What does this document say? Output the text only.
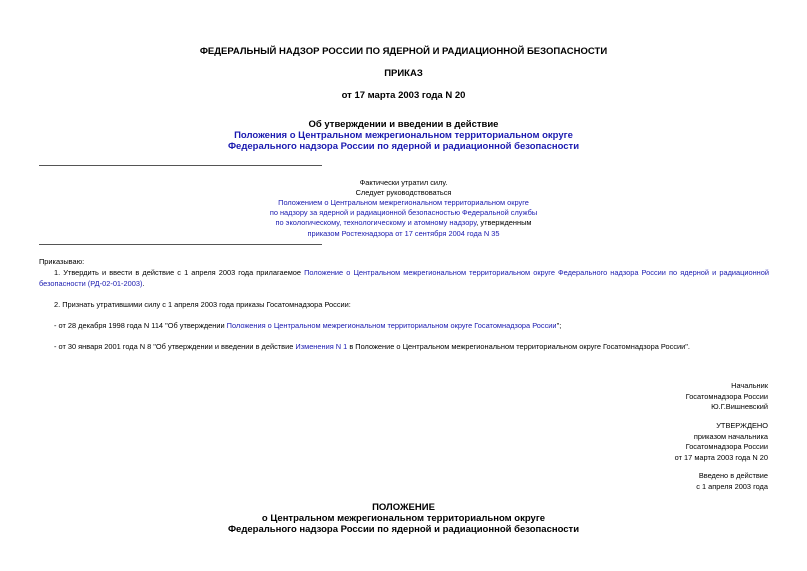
ФЕДЕРАЛЬНЫЙ НАДЗОР РОССИИ ПО ЯДЕРНОЙ И РАДИАЦИОННОЙ БЕЗОПАСНОСТИ
ПРИКАЗ
от 17 марта 2003 года N 20
Об утверждении и введении в действие
Положения о Центральном межрегиональном территориальном округе
Федерального надзора России по ядерной и радиационной безопасности
Фактически утратил силу.
Следует руководствоваться
Положением о Центральном межрегиональном территориальном округе
по надзору за ядерной и радиационной безопасностью Федеральной службы
по экологическому, технологическому и атомному надзору, утвержденным
приказом Ростехнадзора от 17 сентября 2004 года N 35
Приказываю:
1. Утвердить и ввести в действие с 1 апреля 2003 года прилагаемое Положение о Центральном межрегиональном территориальном округе Федерального надзора России по ядерной и радиационной безопасности (РД-02-01-2003).
2. Признать утратившими силу с 1 апреля 2003 года приказы Госатомнадзора России:
- от 28 декабря 1998 года N 114 "Об утверждении Положения о Центральном межрегиональном территориальном округе Госатомнадзора России";
- от 30 января 2001 года N 8 "Об утверждении и введении в действие Изменения N 1 в Положение о Центральном межрегиональном территориальном округе Госатомнадзора России".
Начальник
Госатомнадзора России
Ю.Г.Вишневский
УТВЕРЖДЕНО
приказом начальника
Госатомнадзора России
от 17 марта 2003 года N 20
Введено в действие
с 1 апреля 2003 года
ПОЛОЖЕНИЕ
о Центральном межрегиональном территориальном округе
Федерального надзора России по ядерной и радиационной безопасности
